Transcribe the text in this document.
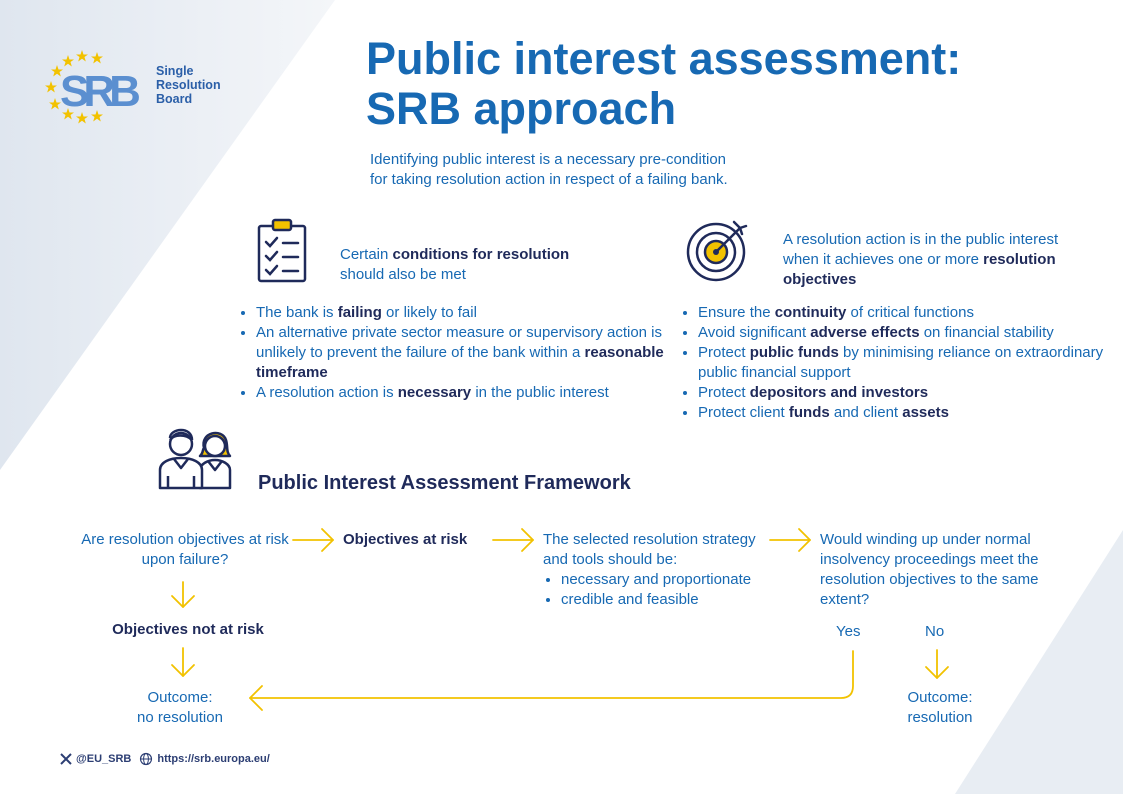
SRB	Single
Resolution
Board
Public interest assessment:
SRB approach
Identifying public interest is a necessary pre-condition
for taking resolution action in respect of a failing bank.
Certain conditions for resolution
should also be met
• The bank is failing or likely to fail
• An alternative private sector measure or supervisory action is unlikely to prevent the failure of the bank within a reasonable timeframe
• A resolution action is necessary in the public interest
A resolution action is in the public interest when it achieves one or more resolution objectives
• Ensure the continuity of critical functions
• Avoid significant adverse effects on financial stability
• Protect public funds by minimising reliance on extraordinary public financial support
• Protect depositors and investors
• Protect client funds and client assets
Public Interest Assessment Framework
Are resolution objectives at risk upon failure?
Objectives at risk	The selected resolution strategy and tools should be:
• necessary and proportionate
• credible and feasible
Would winding up under normal insolvency proceedings meet the resolution objectives to the same extent?
Objectives not at risk	Yes	No
Outcome:
no resolution
Outcome:
resolution
@EU_SRB https://srb.europa.eu/
